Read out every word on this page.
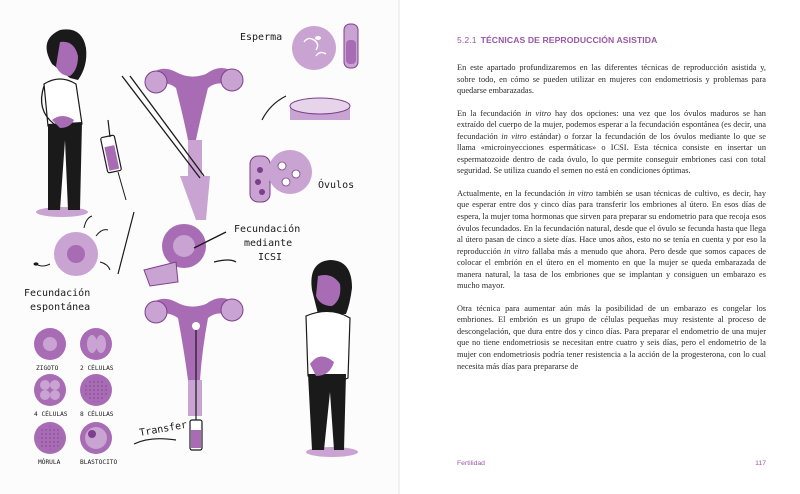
Esperma
Óvulos
Fecundación
mediante
ICSI
Fecundación
espontánea
ZIGOTO	2 CÉLULAS
4 CÉLULAS 8 CÉLULAS
MÓRULA	BLASTOCITO
Transfer
5.2.1 TÉCNICAS DE REPRODUCCIÓN ASISTIDA

En este apartado profundizaremos en las diferentes técnicas de reproducción asistida y, sobre todo, en cómo se pueden utilizar en mujeres con endometriosis y problemas para quedarse embarazadas.

En la fecundación in vitro hay dos opciones: una vez que los óvulos maduros se han extraído del cuerpo de la mujer, podemos esperar a la fecundación espontánea (es decir, una fecundación in vitro estándar) o forzar la fecundación de los óvulos mediante lo que se llama «microinyecciones espermáticas» o ICSI. Esta técnica consiste en insertar un espermatozoide dentro de cada óvulo, lo que permite conseguir embriones casi con total seguridad. Se utiliza cuando el semen no está en condiciones óptimas.

Actualmente, en la fecundación in vitro también se usan técnicas de cultivo, es decir, hay que esperar entre dos y cinco días para transferir los embriones al útero. En esos días de espera, la mujer toma hormonas que sirven para preparar su endometrio para que recoja esos óvulos fecundados. En la fecundación natural, desde que el óvulo se fecunda hasta que llega al útero pasan de cinco a siete días. Hace unos años, esto no se tenía en cuenta y por eso la reproducción in vitro fallaba más a menudo que ahora. Pero desde que somos capaces de colocar el embrión en el útero en el momento en que la mujer se queda embarazada de manera natural, la tasa de los embriones que se implantan y consiguen un embarazo es mucho mayor.

Otra técnica para aumentar aún más la posibilidad de un embarazo es congelar los embriones. El embrión es un grupo de células pequeñas muy resistente al proceso de descongelación, que dura entre dos y cinco días. Para preparar el endometrio de una mujer que no tiene endometriosis se necesitan entre cuatro y seis días, pero el endometrio de la mujer con endometriosis podría tener resistencia a la acción de la progesterona, con lo cual necesita más días para prepararse de

Fertilidad	117
